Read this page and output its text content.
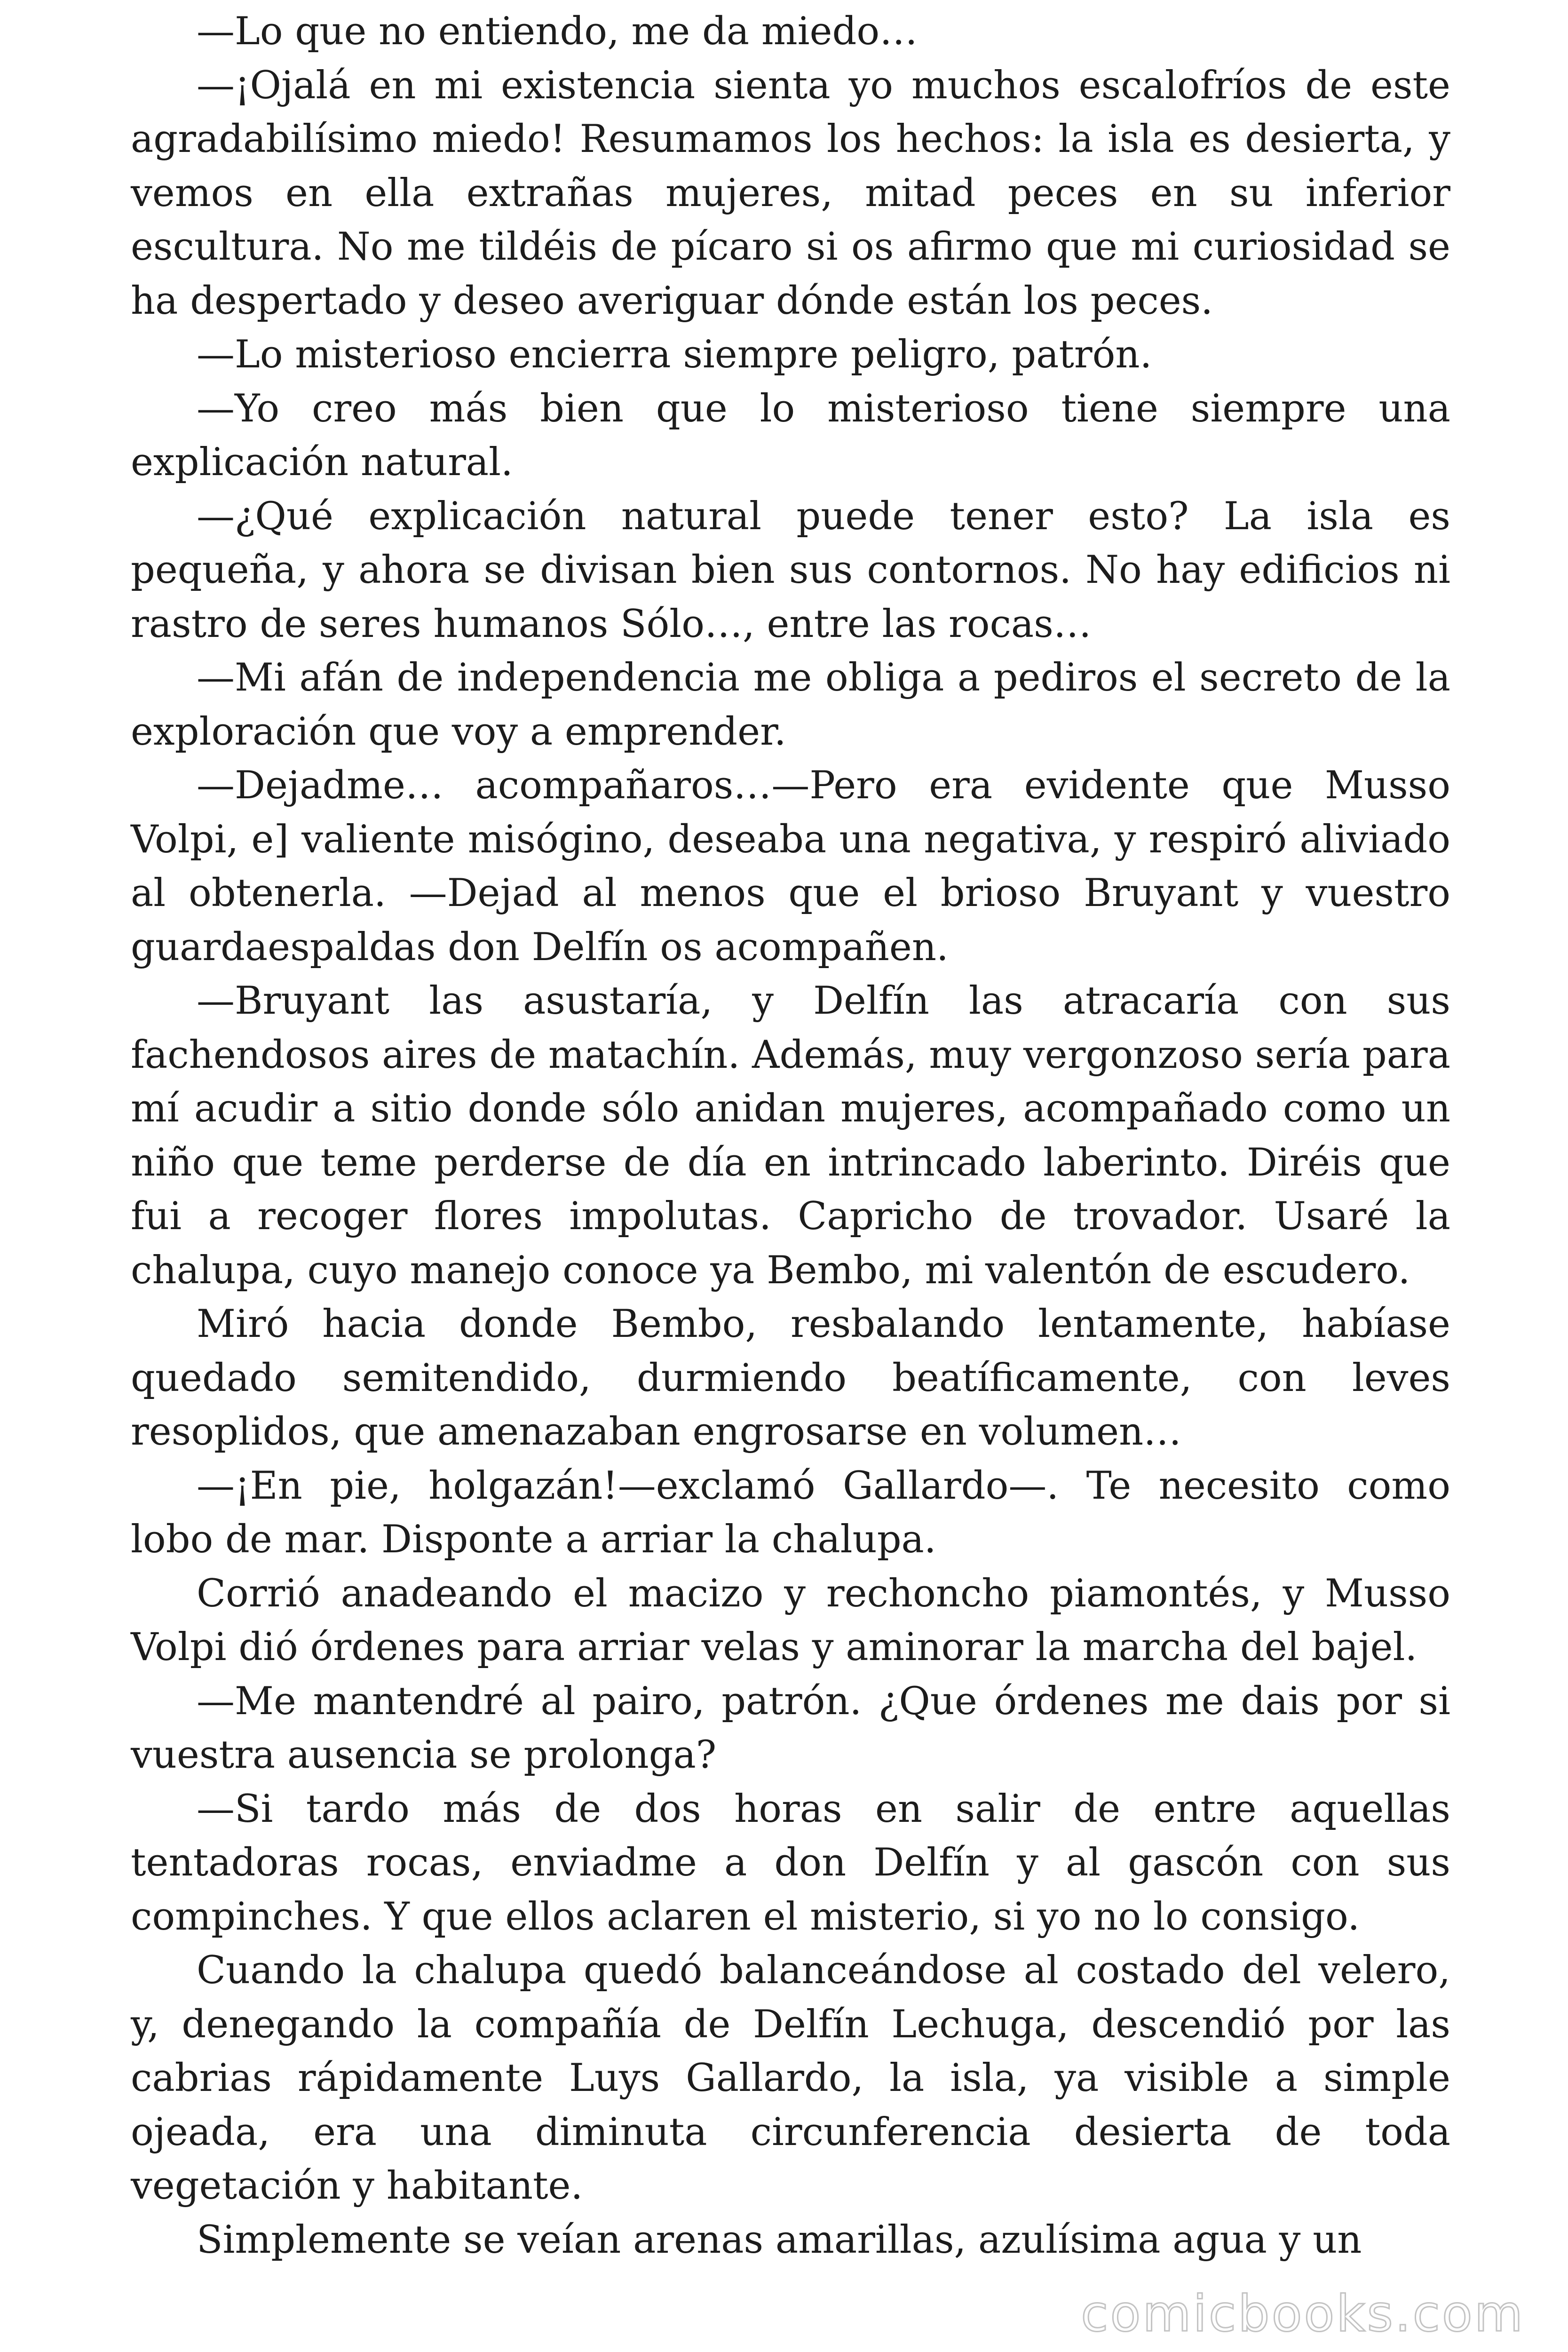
—Lo que no entiendo, me da miedo…

—¡Ojalá en mi existencia sienta yo muchos escalofríos de este agradabilísimo miedo! Resumamos los hechos: la isla es desierta, y vemos en ella extrañas mujeres, mitad peces en su inferior escultura. No me tildéis de pícaro si os afirmo que mi curiosidad se ha despertado y deseo averiguar dónde están los peces.

—Lo misterioso encierra siempre peligro, patrón.

—Yo creo más bien que lo misterioso tiene siempre una explicación natural.

—¿Qué explicación natural puede tener esto? La isla es pequeña, y ahora se divisan bien sus contornos. No hay edificios ni rastro de seres humanos Sólo…, entre las rocas…

—Mi afán de independencia me obliga a pediros el secreto de la exploración que voy a emprender.

—Dejadme… acompañaros…—Pero era evidente que Musso Volpi, e] valiente misógino, deseaba una negativa, y respiró aliviado al obtenerla. —Dejad al menos que el brioso Bruyant y vuestro guardaespaldas don Delfín os acompañen.

—Bruyant las asustaría, y Delfín las atracaría con sus fachendosos aires de matachín. Además, muy vergonzoso sería para mí acudir a sitio donde sólo anidan mujeres, acompañado como un niño que teme perderse de día en intrincado laberinto. Diréis que fui a recoger flores impolutas. Capricho de trovador. Usaré la chalupa, cuyo manejo conoce ya Bembo, mi valentón de escudero.

Miró hacia donde Bembo, resbalando lentamente, habíase quedado semitendido, durmiendo beatíficamente, con leves resoplidos, que amenazaban engrosarse en volumen…

—¡En pie, holgazán!—exclamó Gallardo—. Te necesito como lobo de mar. Disponte a arriar la chalupa.

Corrió anadeando el macizo y rechoncho piamontés, y Musso Volpi dió órdenes para arriar velas y aminorar la marcha del bajel.

—Me mantendré al pairo, patrón. ¿Que órdenes me dais por si vuestra ausencia se prolonga?

—Si tardo más de dos horas en salir de entre aquellas tentadoras rocas, enviadme a don Delfín y al gascón con sus compinches. Y que ellos aclaren el misterio, si yo no lo consigo.

Cuando la chalupa quedó balanceándose al costado del velero, y, denegando la compañía de Delfín Lechuga, descendió por las cabrias rápidamente Luys Gallardo, la isla, ya visible a simple ojeada, era una diminuta circunferencia desierta de toda vegetación y habitante.

Simplemente se veían arenas amarillas, azulísima agua y un

comicbooks.com
